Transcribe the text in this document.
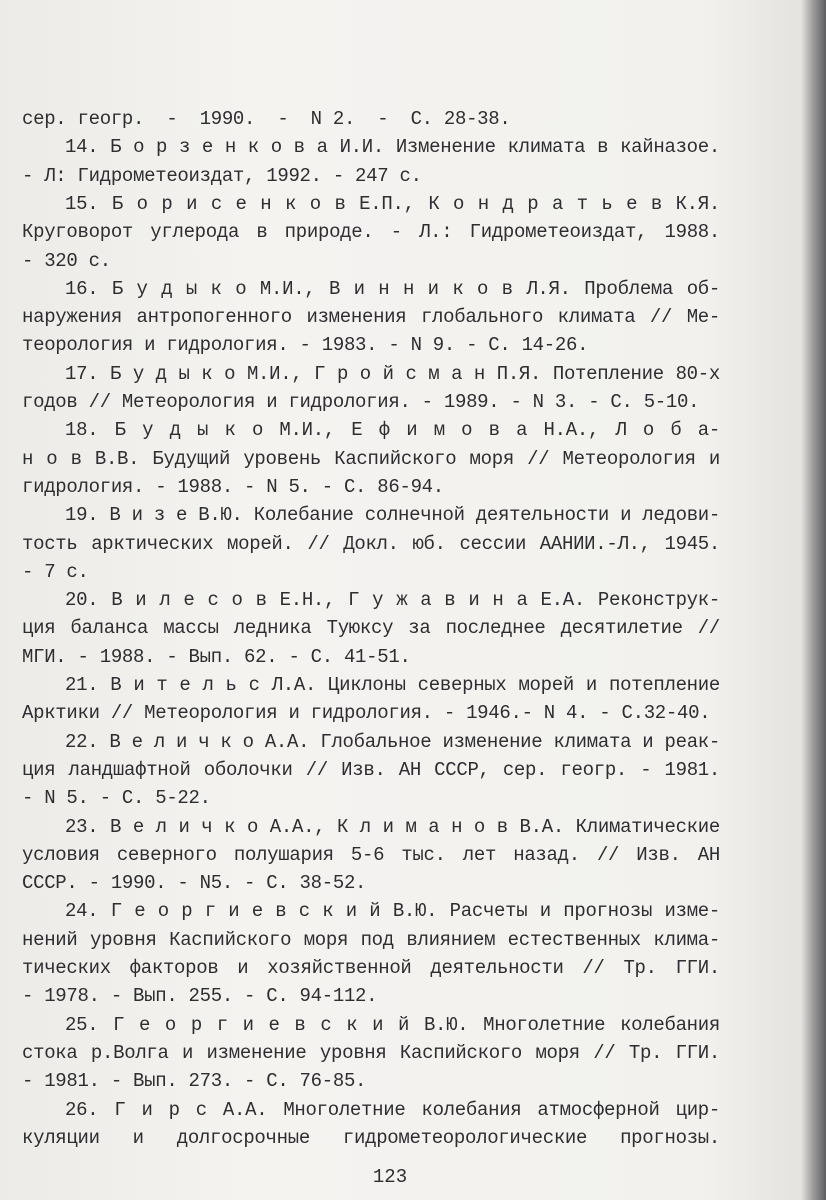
сер. геогр.  -  1990.  -  N 2.  -  С. 28-38.
14. Б о р з е н к о в а И.И. Изменение климата в кайназое.
- Л: Гидрометеоиздат, 1992. - 247 с.
15. Б о р и с е н к о в Е.П., К о н д р а т ь е в К.Я.
Круговорот углерода в природе. - Л.: Гидрометеоиздат, 1988.
- 320 с.
16. Б у д ы к о М.И., В и н н и к о в Л.Я. Проблема об-
наружения антропогенного изменения глобального климата // Ме-
теорология и гидрология. - 1983. - N 9. - С. 14-26.
17. Б у д ы к о М.И., Г р о й с м а н П.Я. Потепление 80-х
годов // Метеорология и гидрология. - 1989. - N 3. - С. 5-10.
18. Б у д ы к о М.И., Е ф и м о в а Н.А., Л о б а-
н о в В.В. Будущий уровень Каспийского моря // Метеорология и
гидрология. - 1988. - N 5. - С. 86-94.
19. В и з е В.Ю. Колебание солнечной деятельности и ледови-
тость арктических морей. // Докл. юб. сессии ААНИИ.-Л., 1945.
- 7 с.
20. В и л е с о в Е.Н., Г у ж а в и н а Е.А. Реконструк-
ция баланса массы ледника Туюксу за последнее десятилетие //
МГИ. - 1988. - Вып. 62. - С. 41-51.
21. В и т е л ь с Л.А. Циклоны северных морей и потепление
Арктики // Метеорология и гидрология. - 1946.- N 4. - С.32-40.
22. В е л и ч к о А.А. Глобальное изменение климата и реак-
ция ландшафтной оболочки // Изв. АН СССР, сер. геогр. - 1981.
- N 5. - С. 5-22.
23. В е л и ч к о А.А., К л и м а н о в В.А. Климатические
условия северного полушария 5-6 тыс. лет назад. // Изв. АН
СССР. - 1990. - N5. - С. 38-52.
24. Г е о р г и е в с к и й В.Ю. Расчеты и прогнозы изме-
нений уровня Каспийского моря под влиянием естественных клима-
тических факторов и хозяйственной деятельности // Тр. ГГИ.
- 1978. - Вып. 255. - С. 94-112.
25. Г е о р г и е в с к и й В.Ю. Многолетние колебания
стока р.Волга и изменение уровня Каспийского моря // Тр. ГГИ.
- 1981. - Вып. 273. - С. 76-85.
26. Г и р с А.А. Многолетние колебания атмосферной цир-
куляции и долгосрочные гидрометеорологические прогнозы.
123
